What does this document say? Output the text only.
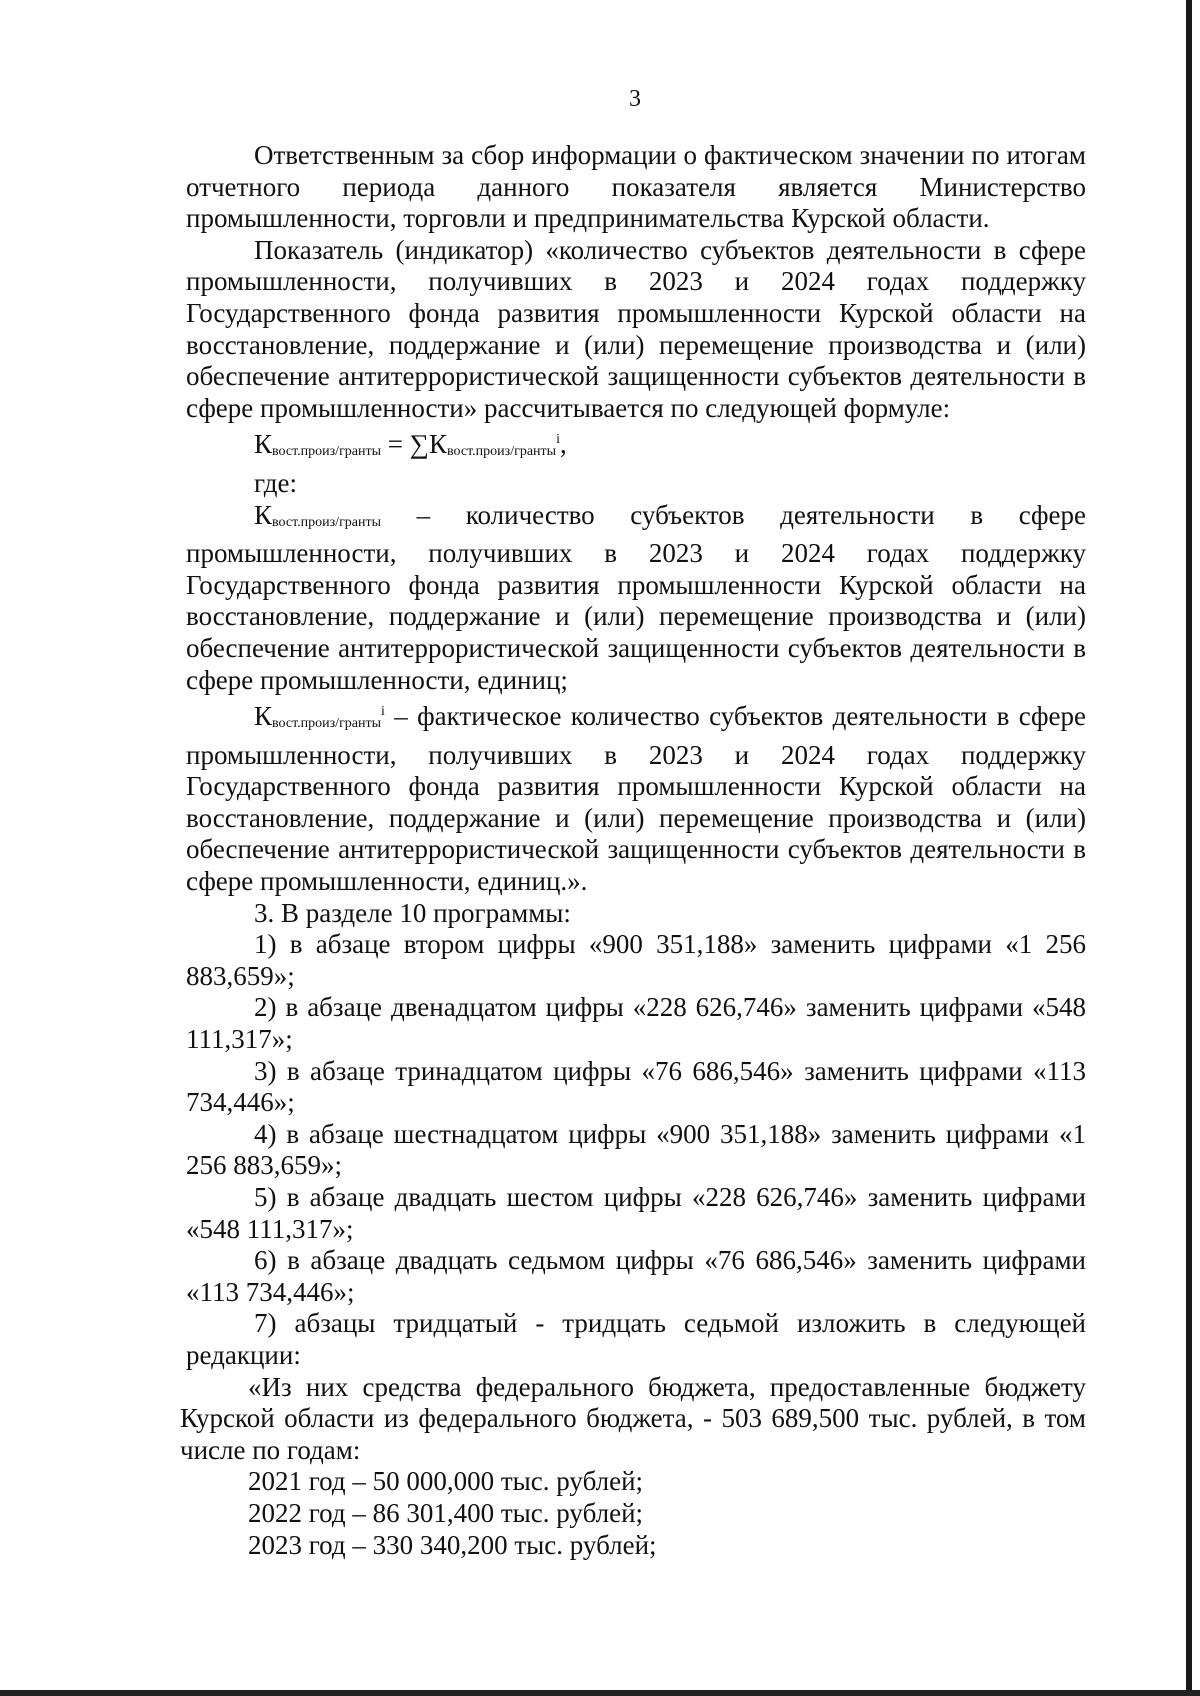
3

Ответственным за сбор информации о фактическом значении по итогам отчетного периода данного показателя является Министерство промышленности, торговли и предпринимательства Курской области.

Показатель (индикатор) «количество субъектов деятельности в сфере промышленности, получивших в 2023 и 2024 годах поддержку Государственного фонда развития промышленности Курской области на восстановление, поддержание и (или) перемещение производства и (или) обеспечение антитеррористической защищенности субъектов деятельности в сфере промышленности» рассчитывается по следующей формуле:

Квост.произ/гранты = ∑Квост.произ/гранты$^i$,

где:

Квост.произ/гранты – количество субъектов деятельности в сфере промышленности, получивших в 2023 и 2024 годах поддержку Государственного фонда развития промышленности Курской области на восстановление, поддержание и (или) перемещение производства и (или) обеспечение антитеррористической защищенности субъектов деятельности в сфере промышленности, единиц;

Квост.произ/гранты$^i$ – фактическое количество субъектов деятельности в сфере промышленности, получивших в 2023 и 2024 годах поддержку Государственного фонда развития промышленности Курской области на восстановление, поддержание и (или) перемещение производства и (или) обеспечение антитеррористической защищенности субъектов деятельности в сфере промышленности, единиц.».

3. В разделе 10 программы:

1) в абзаце втором цифры «900 351,188» заменить цифрами «1 256 883,659»;

2) в абзаце двенадцатом цифры «228 626,746» заменить цифрами «548 111,317»;

3) в абзаце тринадцатом цифры «76 686,546» заменить цифрами «113 734,446»;

4) в абзаце шестнадцатом цифры «900 351,188» заменить цифрами «1 256 883,659»;

5) в абзаце двадцать шестом цифры «228 626,746» заменить цифрами «548 111,317»;

6) в абзаце двадцать седьмом цифры «76 686,546» заменить цифрами «113 734,446»;

7) абзацы тридцатый - тридцать седьмой изложить в следующей редакции:

«Из них средства федерального бюджета, предоставленные бюджету Курской области из федерального бюджета, - 503 689,500 тыс. рублей, в том числе по годам:

2021 год – 50 000,000 тыс. рублей;

2022 год – 86 301,400 тыс. рублей;

2023 год – 330 340,200 тыс. рублей;
